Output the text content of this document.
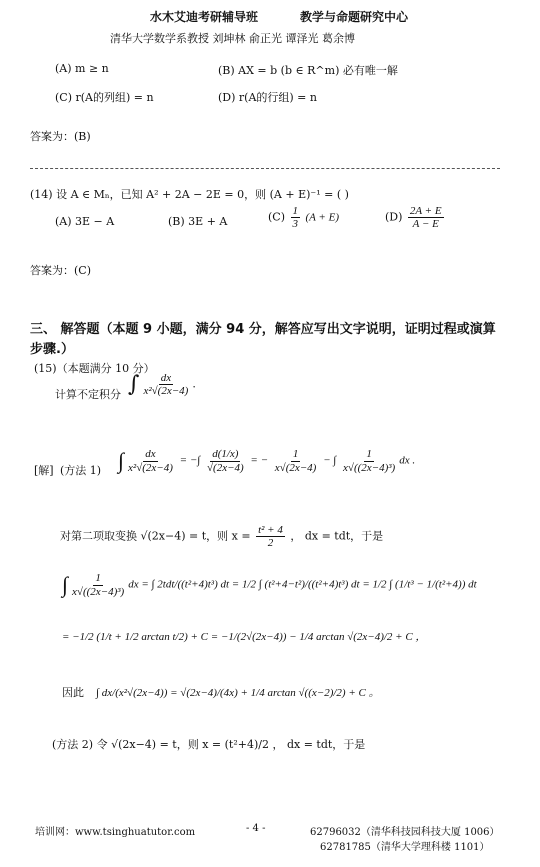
水木艾迪考研辅导班	教学与命题研究中心
清华大学数学系教授 刘坤林 俞正光 谭泽光 葛余博
(A) m ≥ n	(B) AX = b (b ∈ R^m) 必有唯一解
(C) r(A的列组) = n	(D) r(A的行组) = n
答案为：(B)
(14) 设 A ∈ Mₙ，已知 A² + 2A − 2E = 0，则 (A + E)⁻¹ = ( )
(A) 3E − A	(B) 3E + A	$(C) \frac{1}{3} (A + E)$	$(D) \frac{2A + E}{A - E}$
答案为：(C)
三、 解答题（本题 9 小题，满分 94 分，解答应写出文字说明，证明过程或演算
步骤.）
(15)（本题满分 10 分）
计算不定积分 ∫ $\frac{dx}{\text{x²√(2x−4)}}$ .
[解] (方法 1) ∫ $\frac{dx}{\text{x²√(2x−4)}}$ = −∫ $\frac{d(1/x)}{√(2x-4)}$ = − $\frac{1}{x√(2x-4)}$ − ∫ $\frac{1}{\text{x√((2x−4)³)}}$ dx .
对第二项取变换 √(2x−4) = t，则 $x = \frac{\text{t² + 4}}{2}$ ， dx = tdt，于是
∫ $\frac{1}{\text{x√((2x−4)³)}}$ dx = ∫ 2tdt/((t²+4)t³) dt = 1/2 ∫ (t²+4−t²)/((t²+4)t³) dt = 1/2 ∫ (1/t³ − 1/(t²+4)) dt
= −1/2 (1/t + 1/2 arctan t/2) + C = −1/(2√(2x−4)) − 1/4 arctan √(2x−4)/2 + C ，
因此 ∫ dx/(x²√(2x−4)) = √(2x−4)/(4x) + 1/4 arctan √((x−2)/2) + C 。
(方法 2) 令 √(2x−4) = t，则 x = (t²+4)/2 ， dx = tdt，于是
培训网：www.tsinghuatutor.com	- 4 -	62796032（清华科技园科技大厦 1006）
62781785（清华大学理科楼 1101）
